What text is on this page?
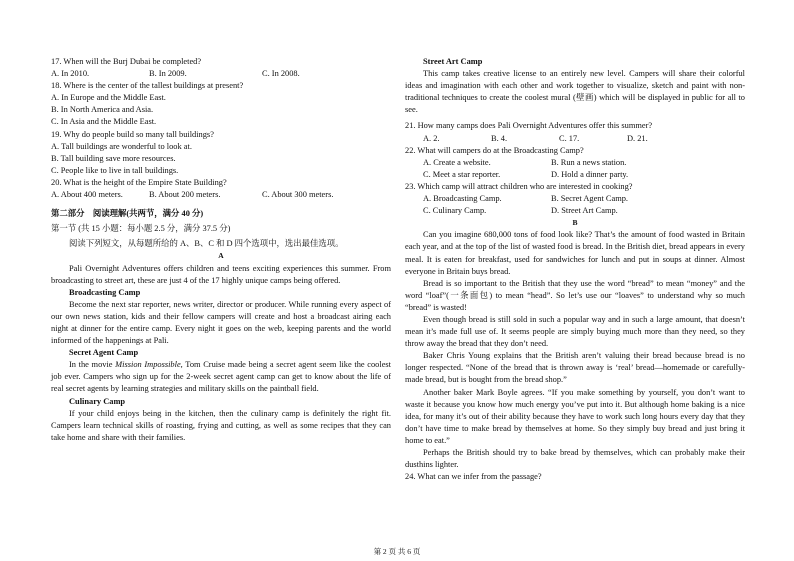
17. When will the Burj Dubai be completed?
A. In 2010.	B. In 2009.	C. In 2008.
18. Where is the center of the tallest buildings at present?
A. In Europe and the Middle East.
B. In North America and Asia.
C. In Asia and the Middle East.
19. Why do people build so many tall buildings?
A. Tall buildings are wonderful to look at.
B. Tall building save more resources.
C. People like to live in tall buildings.
20. What is the height of the Empire State Building?
A. About 400 meters.	B. About 200 meters.	C. About 300 meters.
第二部分　阅读理解(共两节，满分 40 分)
第一节 (共 15 小题：每小题 2.5 分，满分 37.5 分)
阅读下列短文，从每题所给的 A、B、C 和 D 四个选项中，选出最佳选项。
A
Pali Overnight Adventures offers children and teens exciting experiences this summer. From broadcasting to street art, these are just 4 of the 17 highly unique camps being offered.
Broadcasting Camp
Become the next star reporter, news writer, director or producer. While running every aspect of our own news station, kids and their fellow campers will create and host a broadcast airing each night at dinner for the entire camp. Every night it goes on the web, keeping parents and the world informed of the happenings at Pali.
Secret Agent Camp
In the movie Mission Impossible, Tom Cruise made being a secret agent seem like the coolest job ever. Campers who sign up for the 2-week secret agent camp can get to know about the life of real secret agents by learning strategies and military skills on the paintball field.
Culinary Camp
If your child enjoys being in the kitchen, then the culinary camp is definitely the right fit. Campers learn technical skills of roasting, frying and cutting, as well as some recipes that they can take home and share with their families.
Street Art Camp
This camp takes creative license to an entirely new level. Campers will share their colorful ideas and imagination with each other and work together to visualize, sketch and paint with non-traditional techniques to create the coolest mural (壁画) which will be displayed in public for all to see.
21. How many camps does Pali Overnight Adventures offer this summer?
A. 2.	B. 4.	C. 17.	D. 21.
22. What will campers do at the Broadcasting Camp?
A. Create a website.	B. Run a news station.
C. Meet a star reporter.	D. Hold a dinner party.
23. Which camp will attract children who are interested in cooking?
A. Broadcasting Camp.	B. Secret Agent Camp.
C. Culinary Camp.	D. Street Art Camp.
B
Can you imagine 680,000 tons of food look like? That’s the amount of food wasted in Britain each year, and at the top of the list of wasted food is bread. In the British diet, bread appears in every meal. It is eaten for breakfast, used for sandwiches for lunch and put in soups at dinner. Almost everyone in Britain buys bread.
Bread is so important to the British that they use the word “bread” to mean “money” and the word “loaf”(一条面包) to mean “head”. So let’s use our “loaves” to understand why so much “bread” is wasted!
Even though bread is still sold in such a popular way and in such a large amount, that doesn’t mean it’s made full use of. It seems people are simply buying much more than they need, so they throw away the bread that they don’t need.
Baker Chris Young explains that the British aren’t valuing their bread because bread is no longer respected. “None of the bread that is thrown away is ‘real’ bread—homemade or carefully-made bread, but is bought from the bread shop.”
Another baker Mark Boyle agrees. “If you make something by yourself, you don’t want to waste it because you know how much energy you’ve put into it. But although home baking is a nice idea, for many it’s out of their ability because they have to work such long hours every day that they don’t have time to make bread by themselves at home. So they simply buy bread and just bring it home to eat.”
Perhaps the British should try to bake bread by themselves, which can probably make their dusthins lighter.
24. What can we infer from the passage?
第 2 页 共 6 页
